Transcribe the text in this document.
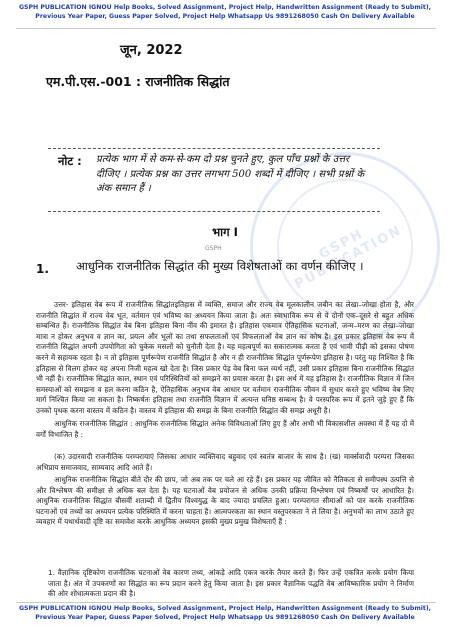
GSPH PUBLICATION IGNOU Help Books, Solved Assignment, Project Help, Handwritten Assignment (Ready to Submit),
Previous Year Paper, Guess Paper Solved, Project Help Whatsapp Us 9891268050 Cash On Delivery Available
GSPH PUBLICATION
जून, 2022
एम.पी.एस.-001 : राजनीतिक सिद्धांत
नोट : प्रत्येक भाग में से कम-से-कम दो प्रश्न चुनते हुए, कुल पाँच प्रश्नों के उत्तर दीजिए । प्रत्येक प्रश्न का उत्तर लगभग 500 शब्दों में दीजिए । सभी प्रश्नों के अंक समान हैं ।
भाग I
GSPH
1. आधुनिक राजनीतिक सिद्धांत की मुख्य विशेषताओं का वर्णन कीजिए ।
उत्तर- इतिहास वेब रूप में राजनीतिक सिद्धांतइतिहास में व्यक्ति, समाज और राज्य वेब मूलकालीन जबीन का लेखा–जोखा होता है, और राजनीति सिद्धांत में राज्य वेब भूत, वर्तमान एवं भविष्य का अध्ययन किया जाता है। अतः स्वाभाविक रूप से ये दोनों एक–दूसरे से बहुत अधिक सम्बन्धित हैं। राजनीतिक सिद्धांत वेब बिना इतिहास बिना नींव की इमारत है। इतिहास एकमात्र ऐतिहासिक घटनाओं, जन्म–मरण का लेखा–जोखा मात्रा न होकर अनुभव व ज्ञान का, प्रयत्न और भूलों का तथा सफलताओं एवं विफलताओं वेब ज्ञान का कोष है। इस प्रकार इतिहास वेब रूप में राजनीति सिद्धांत अपनी उपयोगिता को चुकेक मसलों को चुनौती देता है। यह महत्वपूर्ण का सकारात्मक करता है एवं भावी पीढ़ी को इसका पोषण करने में सहायक रहता है। न तो इतिहास पूर्णरूपेण राजनीति सिद्धांत है और न ही राजनीतिक सिद्धांत पूर्णरूपेण इतिहास है। परंतु यह निश्चित है कि इतिहास से विलग होकर यह अपना निजी महत्व खो देता है। जिस प्रकार पेड़ वेब बिना फल व्यर्थ नहीं, उसी प्रकार इतिहास बिना राजनीतिक सिद्धांत भी नहीं है। राजनीतिक सिद्धांत काल, स्थान एवं परिस्थितियों को समझने का प्रयास करता है। इस अर्थ में यह इतिहास है। राजनीतिक विज्ञान में जिन समस्याओं को समझना व हल करना कठिन है, ऐतिहासिक अनुभव वेब आधार पर वर्तमान राजनीतिक जीवन में सुधार करते हुए भविष्य वेब लिए मार्ग निश्चित किया जा सकता है। निष्कर्षतः इतिहास तथा राजनीति विज्ञान में अत्यन्त घनिष्ठ सम्बन्ध है। वे परस्परिक रूप में इतने जुड़े हुए हैं कि उनको पृथक करना वास्तव में कठिन है। वास्तव में इतिहास की समझ के बिना राजनीति सिद्धांत की समझ अधूरी है।
आधुनिक राजनीतिक सिद्धांत : आधुनिक राजनीतिक सिद्धांत अनेक विविधताओं लिए हुए हैं और अभी भी विकासशील अवस्था में हैं यह दो में वर्गों विभाजित है :
(क) उदारवादी राजनीतिक परम्परायाएं जिसका आधार व्यक्तिवाद बहुवाद एवं स्वतंत्र बाजार के साथ है। (ख) मार्क्सवादी परम्परा जिसका अभिप्राय समाजवाद, साम्यवाद आदि आते हैं।
आधुनिक राजनीतिक सिद्धांत बीते दौर की छाप, जो अब तक पर चले आ रहे हैं। इस प्रकार यह जीवित को नैतिकता से समीपस्थ उत्पत्ति से और विश्लेषण की समीक्षा से अधिक बल देता है। यह घटनाओं वेब प्रयोजन से अधिक उनकी प्रक्रिया विश्लेषण एवं निष्कर्षों पर आधारित है। आधुनिक राजनीतिक सिद्धांत बीसवीं शताब्दी में द्वितीय विश्वयुद्ध के बाद ज्यादा प्रचलित हुआ। परम्परागत सीमाओं को पार करके राजनीतिक घटनाओं एवं तथ्यों का अध्ययन प्रत्येक परिस्थिति में करना चाहता है। आत्मपरकता का स्थान वस्तुपरकता ने ले लिया है। अनुभवों का लाभ उठाते हुए व्यवहार में यथार्थवादी दृष्टि का समावेश करके आधुनिक अध्ययन इसकी मुख्य प्रमुख विशेषताएँ हैं :
1. वैज्ञानिक दृष्टिकोण राजनीतिक घटनाओं वेब कारण तथ्य, आंकड़े आदि एकत्र करके तैयार करते हैं। फिर उन्हें एकत्रित करके प्रयोग किया जाता है। अंत में उपकरणों का सिद्धांत का रूप प्रदान करने हेतु किया जाता है। इस प्रकार वैज्ञानिक पद्धति वेब आविष्कारिक प्रयोग ने निर्माण की ओर शोधात्मकता प्रदान की है।
GSPH PUBLICATION IGNOU Help Books, Solved Assignment, Project Help, Handwritten Assignment (Ready to Submit),
Previous Year Paper, Guess Paper Solved, Project Help Whatsapp Us 9891268050 Cash On Delivery Available
